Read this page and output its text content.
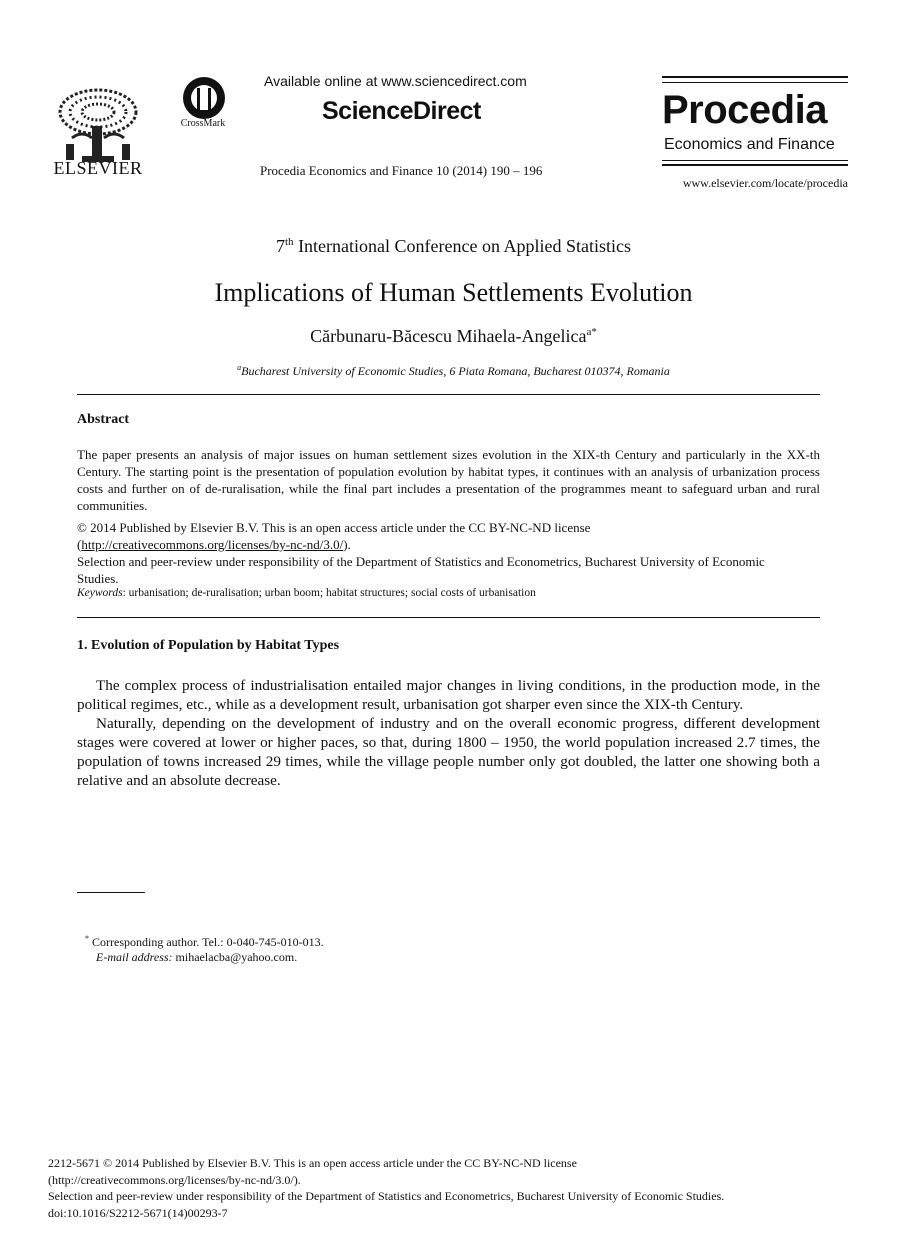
ELSEVIER
CrossMark
Available online at www.sciencedirect.com
ScienceDirect
Procedia Economics and Finance 10 (2014) 190 – 196
Procedia
Economics and Finance
www.elsevier.com/locate/procedia
7th International Conference on Applied Statistics
Implications of Human Settlements Evolution
Cărbunaru-Băcescu Mihaela-Angelica$^{a*}$
$^a$Bucharest University of Economic Studies, 6 Piata Romana, Bucharest 010374, Romania
Abstract

The paper presents an analysis of major issues on human settlement sizes evolution in the XIX-th Century and particularly in the XX-th Century. The starting point is the presentation of population evolution by habitat types, it continues with an analysis of urbanization process costs and further on of de-ruralisation, while the final part includes a presentation of the programmes meant to safeguard urban and rural communities.

© 2014 Published by Elsevier B.V. This is an open access article under the CC BY-NC-ND license
(http://creativecommons.org/licenses/by-nc-nd/3.0/).
Selection and peer-review under responsibility of the Department of Statistics and Econometrics, Bucharest University of Economic Studies.
Keywords: urbanisation; de-ruralisation; urban boom; habitat structures; social costs of urbanisation
1. Evolution of Population by Habitat Types

The complex process of industrialisation entailed major changes in living conditions, in the production mode, in the political regimes, etc., while as a development result, urbanisation got sharper even since the XIX-th Century.

Naturally, depending on the development of industry and on the overall economic progress, different development stages were covered at lower or higher paces, so that, during 1800 – 1950, the world population increased 2.7 times, the population of towns increased 29 times, while the village people number only got doubled, the latter one showing both a relative and an absolute decrease.

* Corresponding author. Tel.: 0-040-745-010-013.
E-mail address: mihaelacba@yahoo.com.
2212-5671 © 2014 Published by Elsevier B.V. This is an open access article under the CC BY-NC-ND license
(http://creativecommons.org/licenses/by-nc-nd/3.0/).
Selection and peer-review under responsibility of the Department of Statistics and Econometrics, Bucharest University of Economic Studies.
doi:10.1016/S2212-5671(14)00293-7
